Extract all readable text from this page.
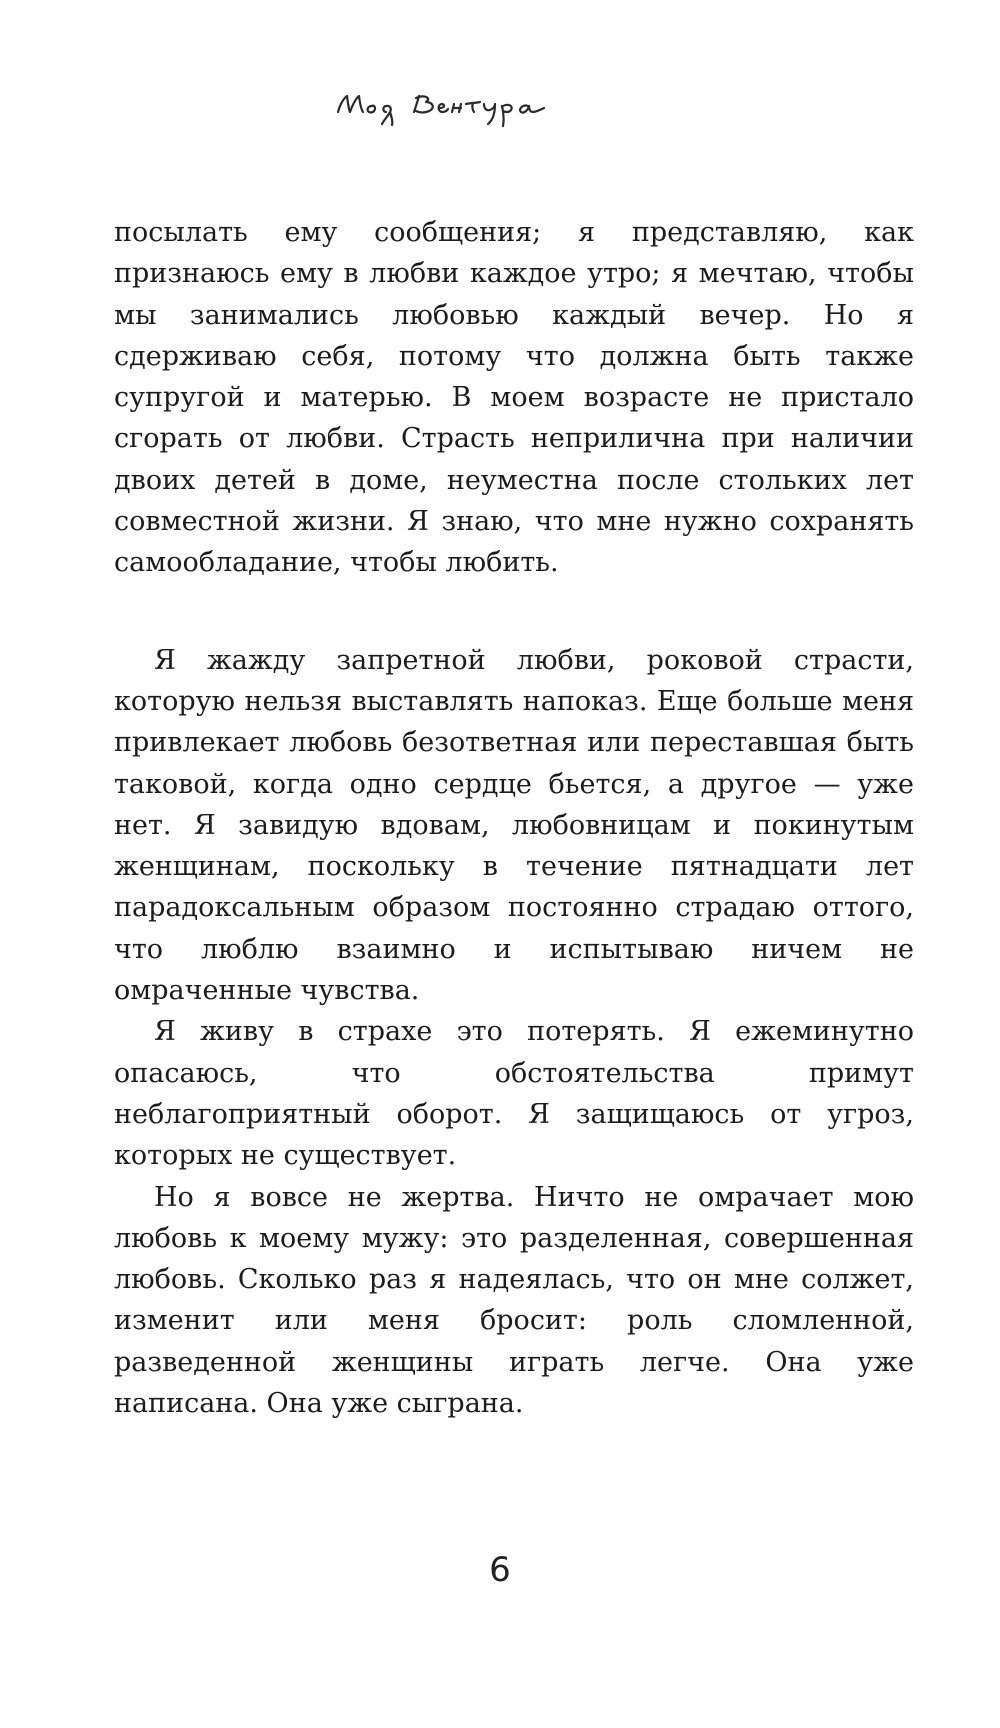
посылать ему сообщения; я представляю, как признаюсь ему в любви каждое утро; я мечтаю, чтобы мы занимались любовью каждый вечер. Но я сдерживаю себя, потому что должна быть также супругой и матерью. В моем возрасте не пристало сгорать от любви. Страсть неприлична при наличии двоих детей в доме, неуместна после стольких лет совместной жизни. Я знаю, что мне нужно сохранять самообладание, чтобы любить.

Я жажду запретной любви, роковой страсти, которую нельзя выставлять напоказ. Еще больше меня привлекает любовь безответная или переставшая быть таковой, когда одно сердце бьется, а другое — уже нет. Я завидую вдовам, любовницам и покинутым женщинам, поскольку в течение пятнадцати лет парадоксальным образом постоянно страдаю оттого, что люблю взаимно и испытываю ничем не омраченные чувства.

Я живу в страхе это потерять. Я ежеминутно опасаюсь, что обстоятельства примут неблагоприятный оборот. Я защищаюсь от угроз, которых не существует.

Но я вовсе не жертва. Ничто не омрачает мою любовь к моему мужу: это разделенная, совершенная любовь. Сколько раз я надеялась, что он мне солжет, изменит или меня бросит: роль сломленной, разведенной женщины играть легче. Она уже написана. Она уже сыграна.

6
